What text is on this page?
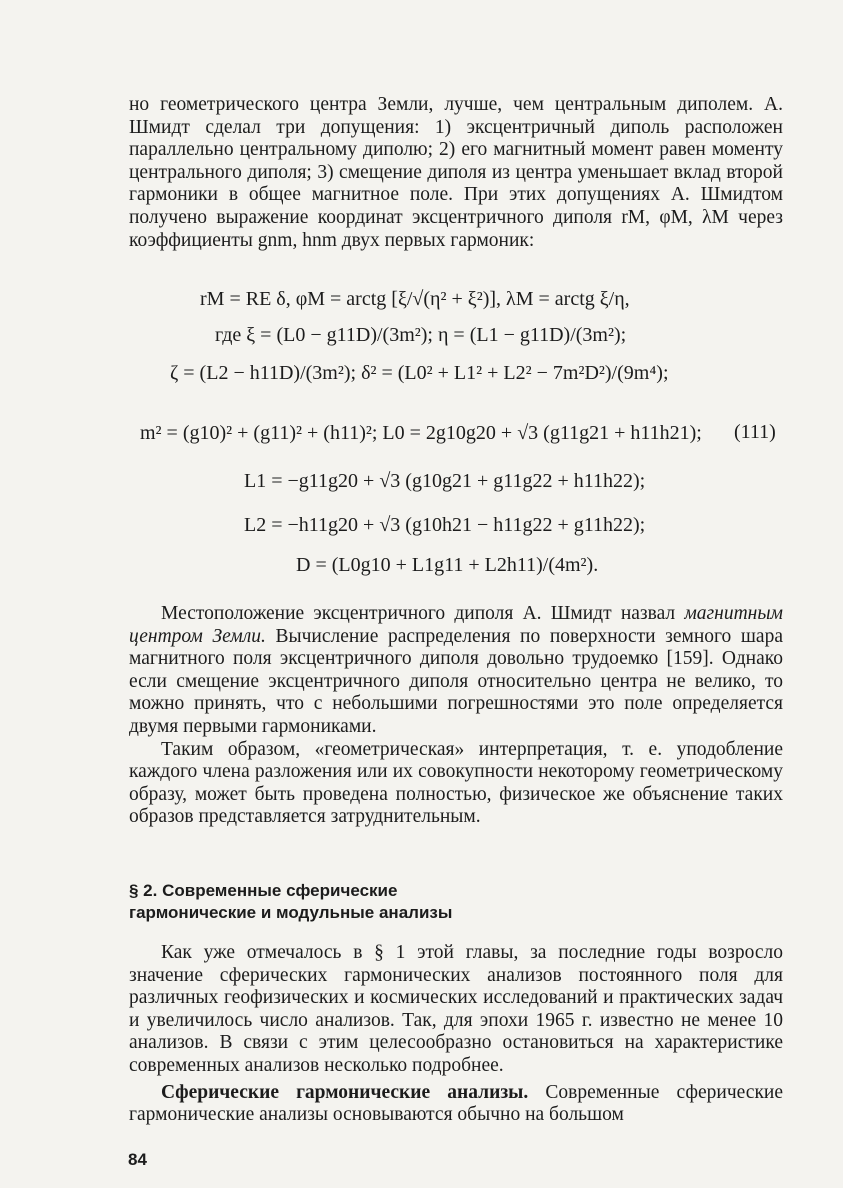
но геометрического центра Земли, лучше, чем центральным диполем. А. Шмидт сделал три допущения: 1) эксцентричный диполь расположен параллельно центральному диполю; 2) его магнитный момент равен моменту центрального диполя; 3) смещение диполя из центра уменьшает вклад второй гармоники в общее магнитное поле. При этих допущениях А. Шмидтом получено выражение координат эксцентричного диполя rM, φM, λM через коэффициенты gnm, hnm двух первых гармоник:

rM = RE δ, φM = arctg [ξ/√(η² + ξ²)], λM = arctg ξ/η,
где ξ = (L0 − g11D)/(3m²); η = (L1 − g11D)/(3m²);
ζ = (L2 − h11D)/(3m²); δ² = (L0² + L1² + L2² − 7m²D²)/(9m⁴);
m² = (g10)² + (g11)² + (h11)²; L0 = 2g10g20 + √3 (g11g21 + h11h21); (111)
L1 = −g11g20 + √3 (g10g21 + g11g22 + h11h22);
L2 = −h11g20 + √3 (g10h21 − h11g22 + g11h22);
D = (L0g10 + L1g11 + L2h11)/(4m²).

Местоположение эксцентричного диполя А. Шмидт назвал магнитным центром Земли. Вычисление распределения по поверхности земного шара магнитного поля эксцентричного диполя довольно трудоемко [159]. Однако если смещение эксцентричного диполя относительно центра не велико, то можно принять, что с небольшими погрешностями это поле определяется двумя первыми гармониками.

Таким образом, «геометрическая» интерпретация, т. е. уподобление каждого члена разложения или их совокупности некоторому геометрическому образу, может быть проведена полностью, физическое же объяснение таких образов представляется затруднительным.

§ 2. Современные сферические
гармонические и модульные анализы

Как уже отмечалось в § 1 этой главы, за последние годы возросло значение сферических гармонических анализов постоянного поля для различных геофизических и космических исследований и практических задач и увеличилось число анализов. Так, для эпохи 1965 г. известно не менее 10 анализов. В связи с этим целесообразно остановиться на характеристике современных анализов несколько подробнее.

Сферические гармонические анализы. Современные сферические гармонические анализы основываются обычно на большом

84
